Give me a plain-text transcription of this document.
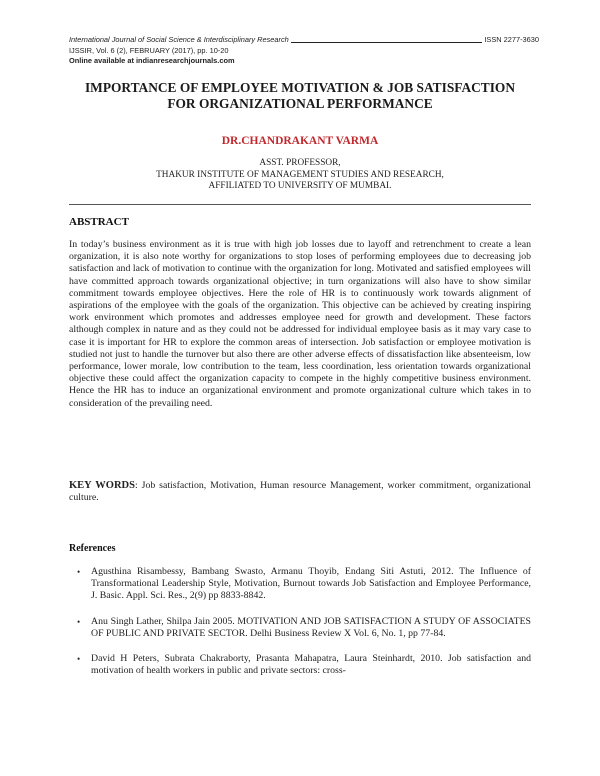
International Journal of Social Science & Interdisciplinary Research	ISSN 2277-3630
IJSSIR, Vol. 6 (2), FEBRUARY (2017), pp. 10-20
Online available at indianresearchjournals.com
IMPORTANCE OF EMPLOYEE MOTIVATION & JOB SATISFACTION
FOR ORGANIZATIONAL PERFORMANCE
DR.CHANDRAKANT VARMA
ASST. PROFESSOR,
THAKUR INSTITUTE OF MANAGEMENT STUDIES AND RESEARCH,
AFFILIATED TO UNIVERSITY OF MUMBAI.
ABSTRACT
In today’s business environment as it is true with high job losses due to layoff and retrenchment to create a lean organization, it is also note worthy for organizations to stop loses of performing employees due to decreasing job satisfaction and lack of motivation to continue with the organization for long. Motivated and satisfied employees will have committed approach towards organizational objective; in turn organizations will also have to show similar commitment towards employee objectives. Here the role of HR is to continuously work towards alignment of aspirations of the employee with the goals of the organization. This objective can be achieved by creating inspiring work environment which promotes and addresses employee need for growth and development. These factors although complex in nature and as they could not be addressed for individual employee basis as it may vary case to case it is important for HR to explore the common areas of intersection. Job satisfaction or employee motivation is studied not just to handle the turnover but also there are other adverse effects of dissatisfaction like absenteeism, low performance, lower morale, low contribution to the team, less coordination, less orientation towards organizational objective these could affect the organization capacity to compete in the highly competitive business environment. Hence the HR has to induce an organizational environment and promote organizational culture which takes in to consideration of the prevailing need.
KEY WORDS: Job satisfaction, Motivation, Human resource Management, worker commitment, organizational culture.
References
• Agusthina Risambessy, Bambang Swasto, Armanu Thoyib, Endang Siti Astuti, 2012. The Influence of Transformational Leadership Style, Motivation, Burnout towards Job Satisfaction and Employee Performance, J. Basic. Appl. Sci. Res., 2(9) pp 8833-8842.
• Anu Singh Lather, Shilpa Jain 2005. MOTIVATION AND JOB SATISFACTION A STUDY OF ASSOCIATES OF PUBLIC AND PRIVATE SECTOR. Delhi Business Review X Vol. 6, No. 1, pp 77-84.
• David H Peters, Subrata Chakraborty, Prasanta Mahapatra, Laura Steinhardt, 2010. Job satisfaction and motivation of health workers in public and private sectors: cross-
